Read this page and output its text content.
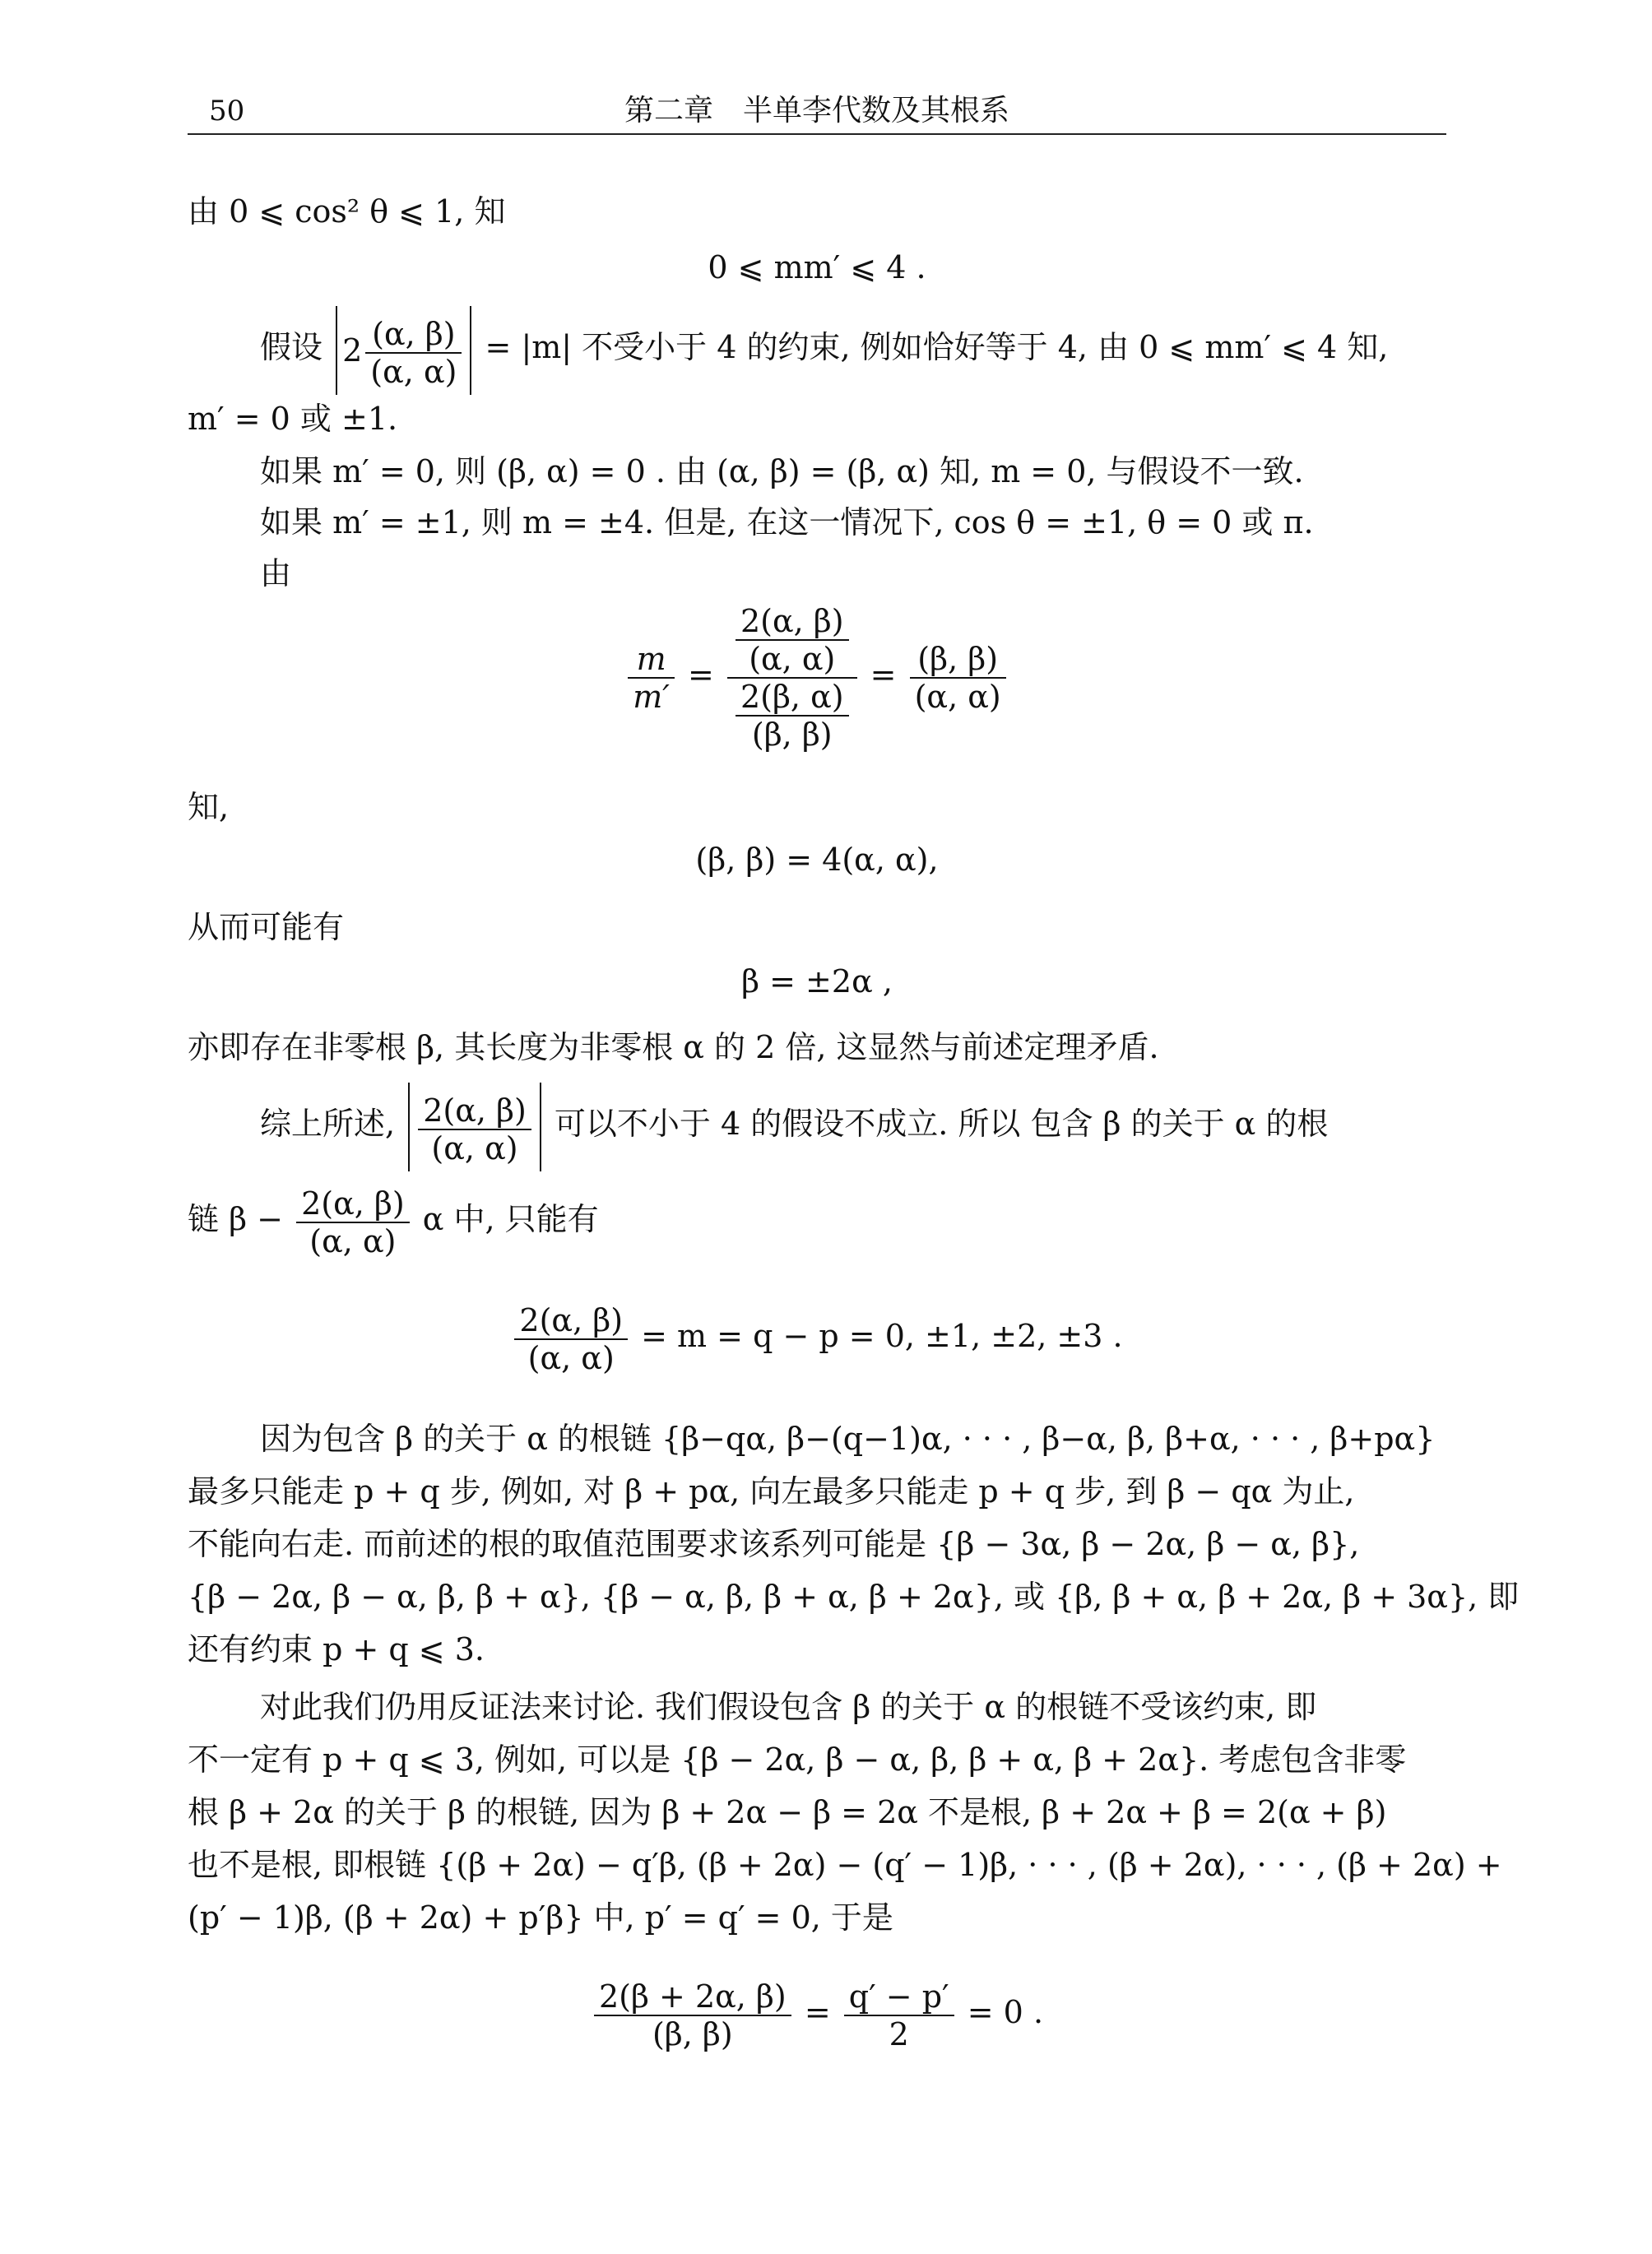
50	第二章　半单李代数及其根系
由 0 ⩽ cos² θ ⩽ 1, 知
0 ⩽ mm′ ⩽ 4 .
假设 $2 \frac{(\alpha, \beta)}{(\alpha, \alpha)} = |m|$ 不受小于 4 的约束, 例如恰好等于 4, 由 0 ⩽ mm′ ⩽ 4 知,
m′ = 0 或 ±1.
如果 m′ = 0, 则 (β, α) = 0 . 由 (α, β) = (β, α) 知, m = 0, 与假设不一致.
如果 m′ = ±1, 则 m = ±4. 但是, 在这一情况下, cos θ = ±1, θ = 0 或 π.
由
$\frac{m}{m'} = \frac{\frac{2(\alpha, \beta)}{(\alpha, \alpha)}}{\frac{2(\beta, \alpha)}{(\beta, \beta)}} = \frac{(\beta, \beta)}{(\alpha, \alpha)}$
知,
(β, β) = 4(α, α),
从而可能有
β = ±2α ,
亦即存在非零根 β, 其长度为非零根 α 的 2 倍, 这显然与前述定理矛盾.
综上所述, $\frac{2(\alpha, \beta)}{(\alpha, \alpha)}$ 可以不小于 4 的假设不成立. 所以 包含 β 的关于 α 的根
链 $\beta - \frac{2(\alpha, \beta)}{(\alpha, \alpha)}$ α 中, 只能有
$\frac{2(\alpha, \beta)}{(\alpha, \alpha)} = m = q - p = 0$, ±1, ±2, ±3 .
因为包含 β 的关于 α 的根链 {β−qα, β−(q−1)α, · · · , β−α, β, β+α, · · · , β+pα}
最多只能走 p + q 步, 例如, 对 β + pα, 向左最多只能走 p + q 步, 到 β − qα 为止,
不能向右走. 而前述的根的取值范围要求该系列可能是 {β − 3α, β − 2α, β − α, β},
{β − 2α, β − α, β, β + α}, {β − α, β, β + α, β + 2α}, 或 {β, β + α, β + 2α, β + 3α}, 即
还有约束 p + q ⩽ 3.
对此我们仍用反证法来讨论. 我们假设包含 β 的关于 α 的根链不受该约束, 即
不一定有 p + q ⩽ 3, 例如, 可以是 {β − 2α, β − α, β, β + α, β + 2α}. 考虑包含非零
根 β + 2α 的关于 β 的根链, 因为 β + 2α − β = 2α 不是根, β + 2α + β = 2(α + β)
也不是根, 即根链 {(β + 2α) − q′β, (β + 2α) − (q′ − 1)β, · · · , (β + 2α), · · · , (β + 2α) +
(p′ − 1)β, (β + 2α) + p′β} 中, p′ = q′ = 0, 于是
$\frac{2(\beta + 2\alpha, \beta)}{(\beta, \beta)} = \frac{q' - p'}{2} = 0$ .
